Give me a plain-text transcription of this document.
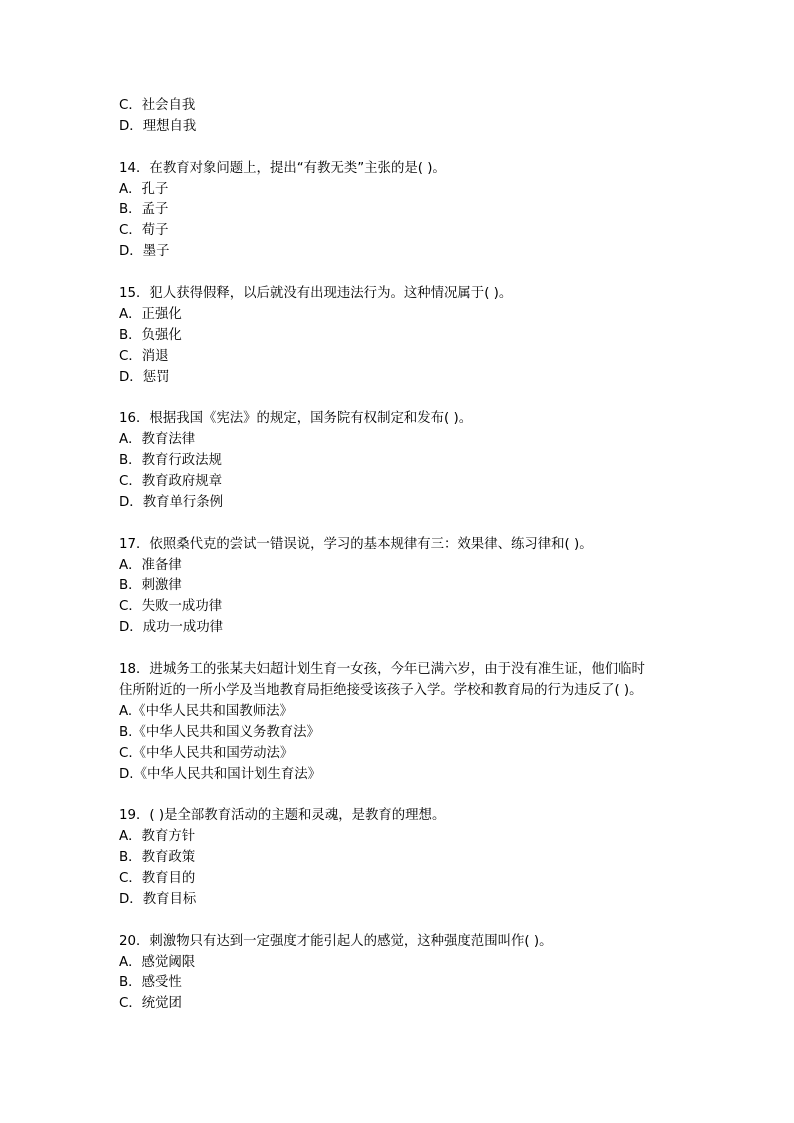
C．社会自我
D．理想自我
14．在教育对象问题上，提出“有教无类”主张的是( )。
A．孔子
B．孟子
C．荀子
D．墨子
15．犯人获得假释，以后就没有出现违法行为。这种情况属于( )。
A．正强化
B．负强化
C．消退
D．惩罚
16．根据我国《宪法》的规定，国务院有权制定和发布( )。
A．教育法律
B．教育行政法规
C．教育政府规章
D．教育单行条例
17．依照桑代克的尝试一错误说，学习的基本规律有三：效果律、练习律和( )。
A．准备律
B．刺激律
C．失败一成功律
D．成功一成功律
18．进城务工的张某夫妇超计划生育一女孩，今年已满六岁，由于没有准生证，他们临时
住所附近的一所小学及当地教育局拒绝接受该孩子入学。学校和教育局的行为违反了( )。
A.《中华人民共和国教师法》
B.《中华人民共和国义务教育法》
C.《中华人民共和国劳动法》
D.《中华人民共和国计划生育法》
19．( )是全部教育活动的主题和灵魂，是教育的理想。
A．教育方针
B．教育政策
C．教育目的
D．教育目标
20．刺激物只有达到一定强度才能引起人的感觉，这种强度范围叫作( )。
A．感觉阈限
B．感受性
C．统觉团
